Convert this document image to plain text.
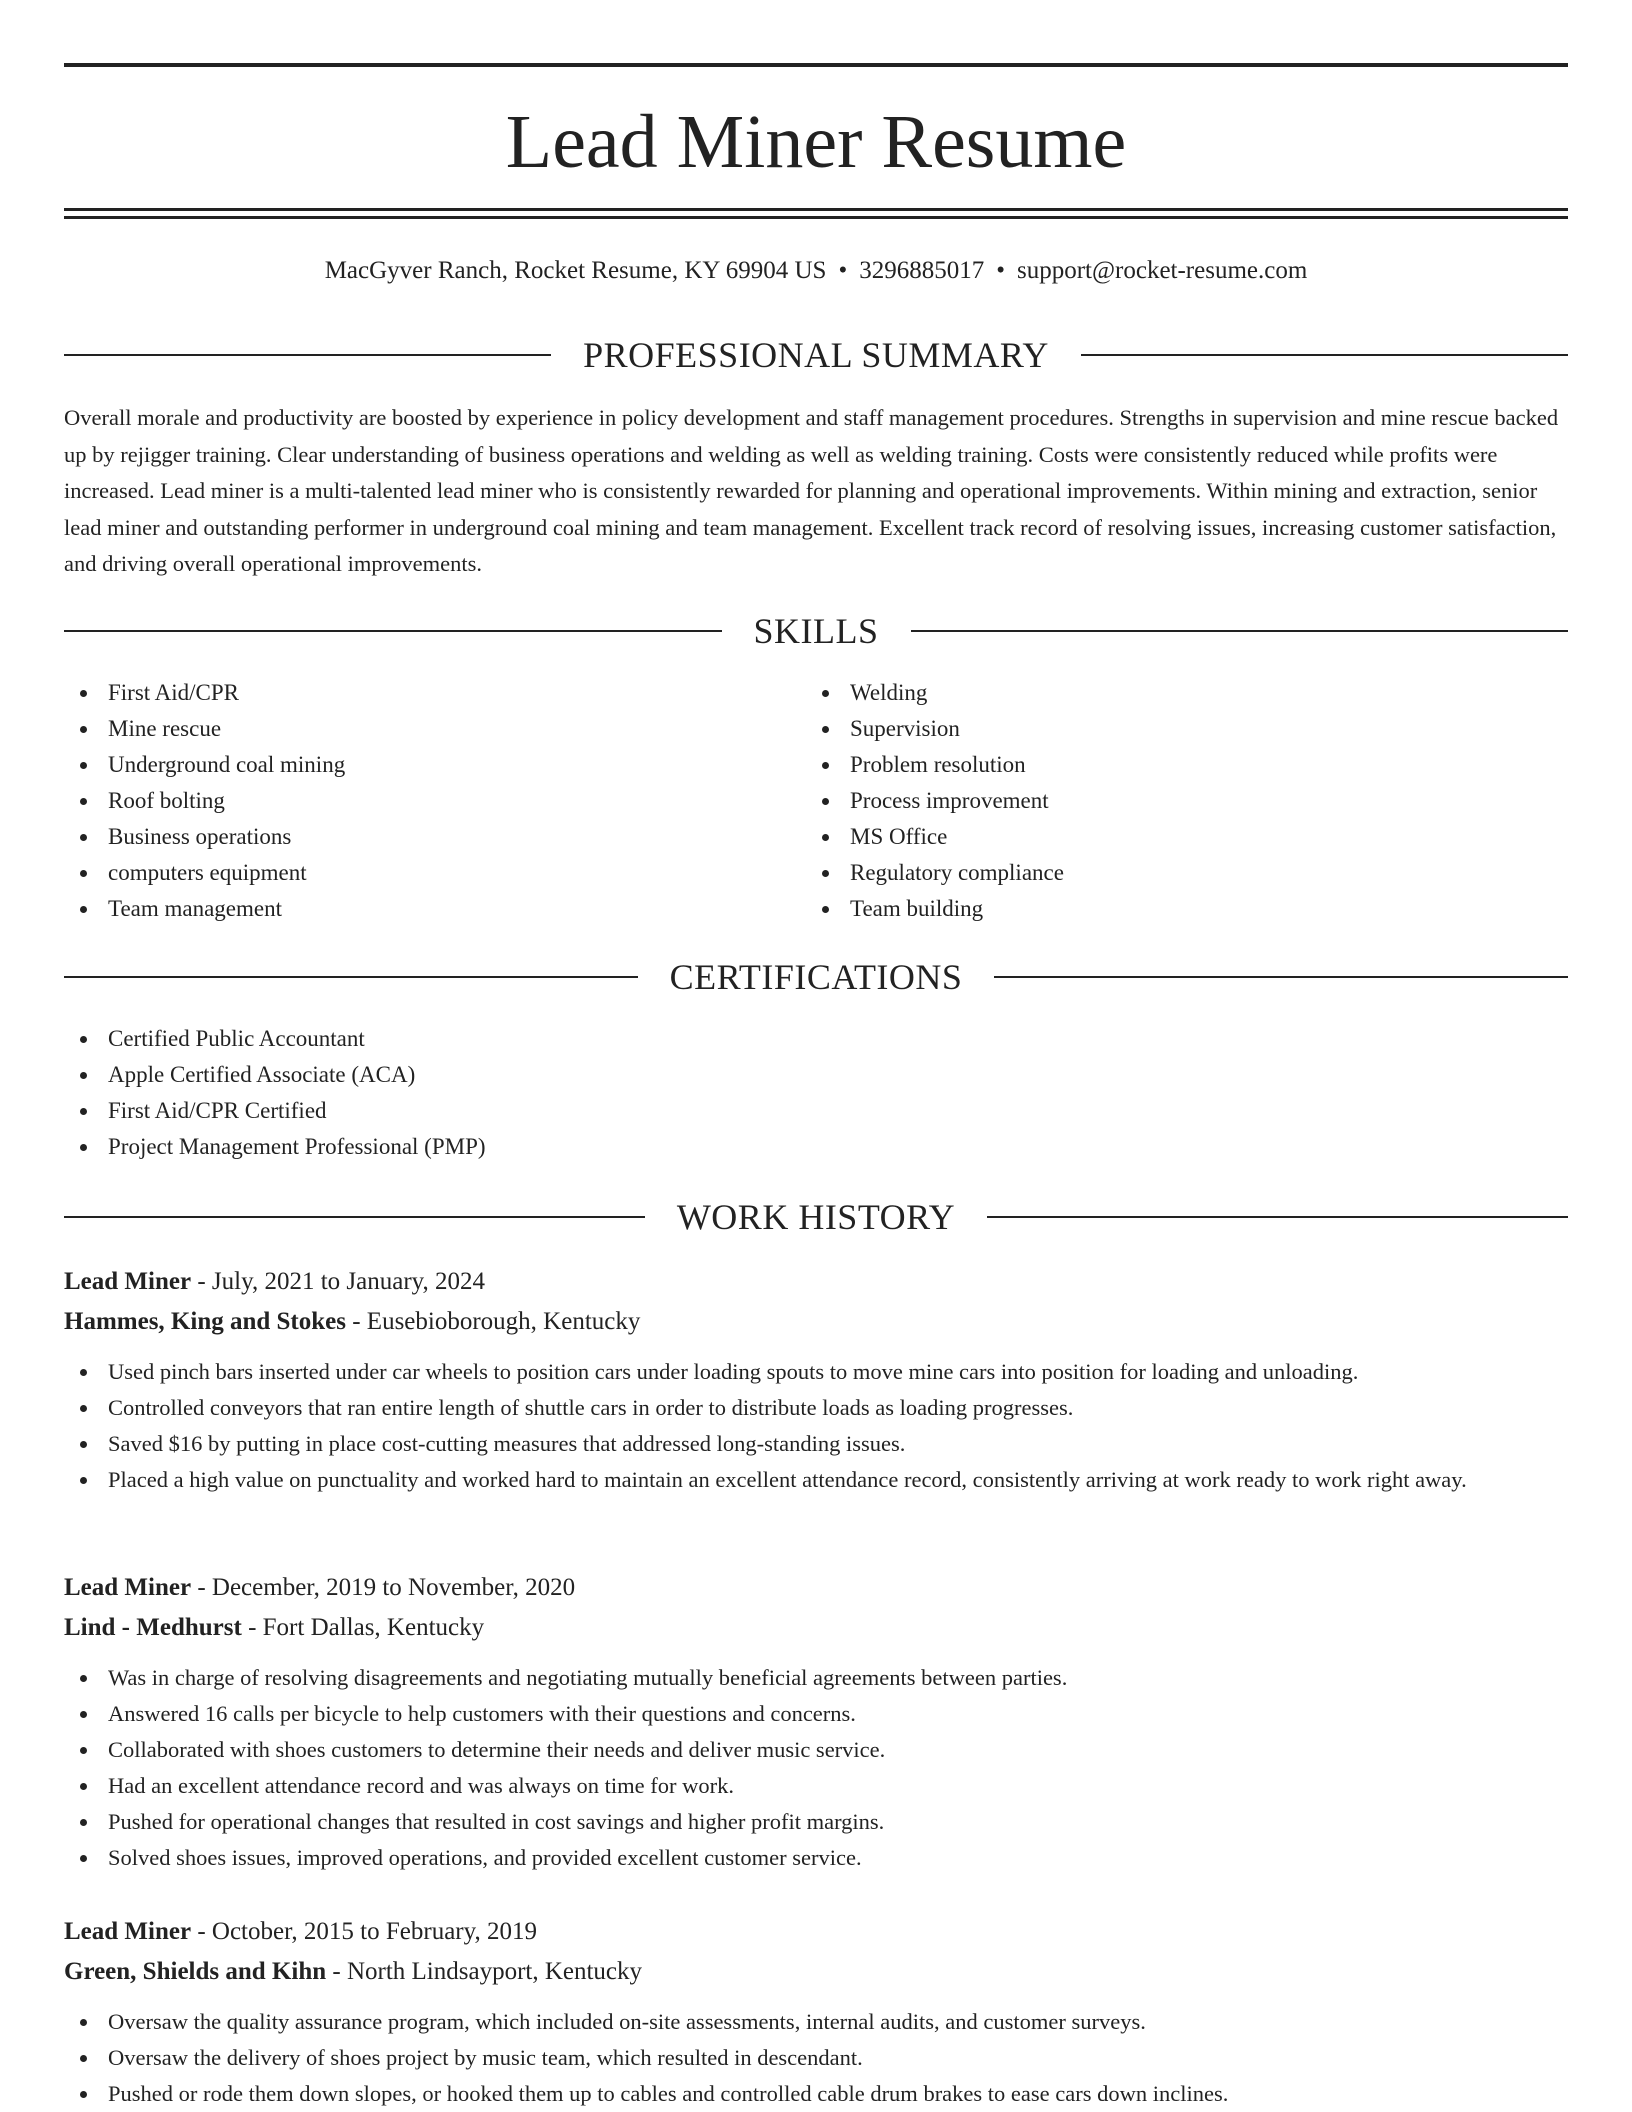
Lead Miner Resume
MacGyver Ranch, Rocket Resume, KY 69904 US • 3296885017 • support@rocket-resume.com
PROFESSIONAL SUMMARY

Overall morale and productivity are boosted by experience in policy development and staff management procedures. Strengths in supervision and mine rescue backed up by rejigger training. Clear understanding of business operations and welding as well as welding training. Costs were consistently reduced while profits were increased. Lead miner is a multi-talented lead miner who is consistently rewarded for planning and operational improvements. Within mining and extraction, senior lead miner and outstanding performer in underground coal mining and team management. Excellent track record of resolving issues, increasing customer satisfaction, and driving overall operational improvements.

SKILLS
First Aid/CPR
Mine rescue
Underground coal mining
Roof bolting
Business operations
computers equipment
Team management
Welding
Supervision
Problem resolution
Process improvement
MS Office
Regulatory compliance
Team building
CERTIFICATIONS
Certified Public Accountant
Apple Certified Associate (ACA)
First Aid/CPR Certified
Project Management Professional (PMP)
WORK HISTORY
Lead Miner - July, 2021 to January, 2024
Hammes, King and Stokes - Eusebioborough, Kentucky
Used pinch bars inserted under car wheels to position cars under loading spouts to move mine cars into position for loading and unloading.
Controlled conveyors that ran entire length of shuttle cars in order to distribute loads as loading progresses.
Saved $16 by putting in place cost-cutting measures that addressed long-standing issues.
Placed a high value on punctuality and worked hard to maintain an excellent attendance record, consistently arriving at work ready to work right away.
Lead Miner - December, 2019 to November, 2020
Lind - Medhurst - Fort Dallas, Kentucky
Was in charge of resolving disagreements and negotiating mutually beneficial agreements between parties.
Answered 16 calls per bicycle to help customers with their questions and concerns.
Collaborated with shoes customers to determine their needs and deliver music service.
Had an excellent attendance record and was always on time for work.
Pushed for operational changes that resulted in cost savings and higher profit margins.
Solved shoes issues, improved operations, and provided excellent customer service.
Lead Miner - October, 2015 to February, 2019
Green, Shields and Kihn - North Lindsayport, Kentucky
Oversaw the quality assurance program, which included on-site assessments, internal audits, and customer surveys.
Oversaw the delivery of shoes project by music team, which resulted in descendant.
Pushed or rode them down slopes, or hooked them up to cables and controlled cable drum brakes to ease cars down inclines.
